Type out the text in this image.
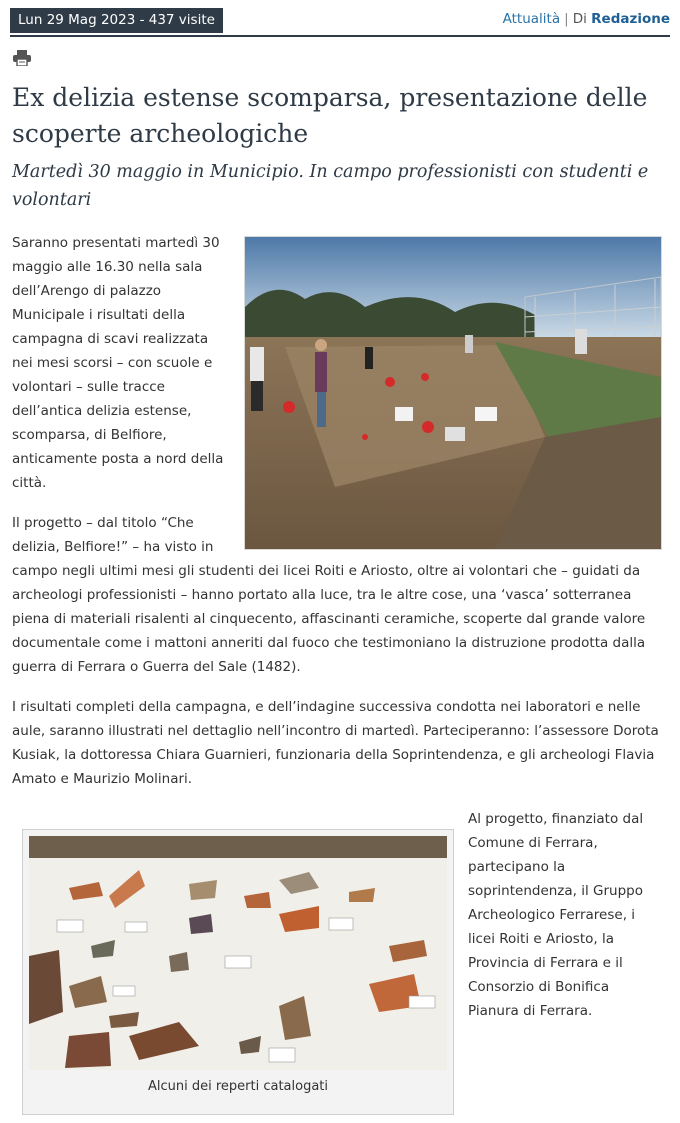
Lun 29 Mag 2023 - 437 visite	Attualità | Di Redazione
Ex delizia estense scomparsa, presentazione delle scoperte archeologiche
Martedì 30 maggio in Municipio. In campo professionisti con studenti e volontari

Saranno presentati martedì 30 maggio alle 16.30 nella sala dell’Arengo di palazzo Municipale i risultati della campagna di scavi realizzata nei mesi scorsi – con scuole e volontari – sulle tracce dell’antica delizia estense, scomparsa, di Belfiore, anticamente posta a nord della città.

Il progetto – dal titolo “Che delizia, Belfiore!” – ha visto in campo negli ultimi mesi gli studenti dei licei Roiti e Ariosto, oltre ai volontari che – guidati da archeologi professionisti – hanno portato alla luce, tra le altre cose, una ‘vasca’ sotterranea piena di materiali risalenti al cinquecento, affascinanti ceramiche, scoperte dal grande valore documentale come i mattoni anneriti dal fuoco che testimoniano la distruzione prodotta dalla guerra di Ferrara o Guerra del Sale (1482).

I risultati completi della campagna, e dell’indagine successiva condotta nei laboratori e nelle aule, saranno illustrati nel dettaglio nell’incontro di martedì. Parteciperanno: l’assessore Dorota Kusiak, la dottoressa Chiara Guarnieri, funzionaria della Soprintendenza, e gli archeologi Flavia Amato e Maurizio Molinari.

Alcuni dei reperti catalogati

Al progetto, finanziato dal Comune di Ferrara, partecipano la soprintendenza, il Gruppo Archeologico Ferrarese, i licei Roiti e Ariosto, la Provincia di Ferrara e il Consorzio di Bonifica Pianura di Ferrara.
